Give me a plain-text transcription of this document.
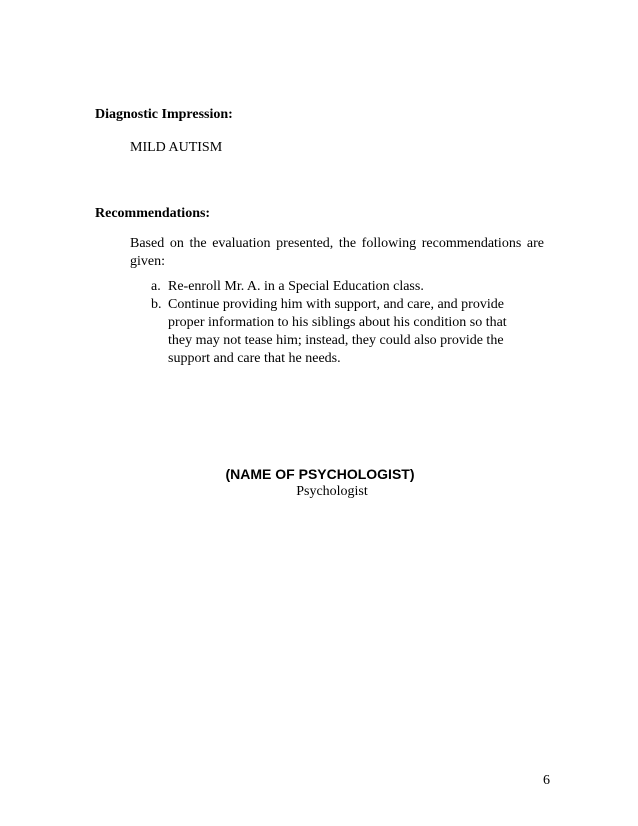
Diagnostic Impression:

MILD AUTISM

Recommendations:

Based on the evaluation presented, the following recommendations are given:

a. Re-enroll Mr. A. in a Special Education class.
b. Continue providing him with support, and care, and provide proper information to his siblings about his condition so that they may not tease him; instead, they could also provide the support and care that he needs.
(NAME OF PSYCHOLOGIST)
Psychologist
6
